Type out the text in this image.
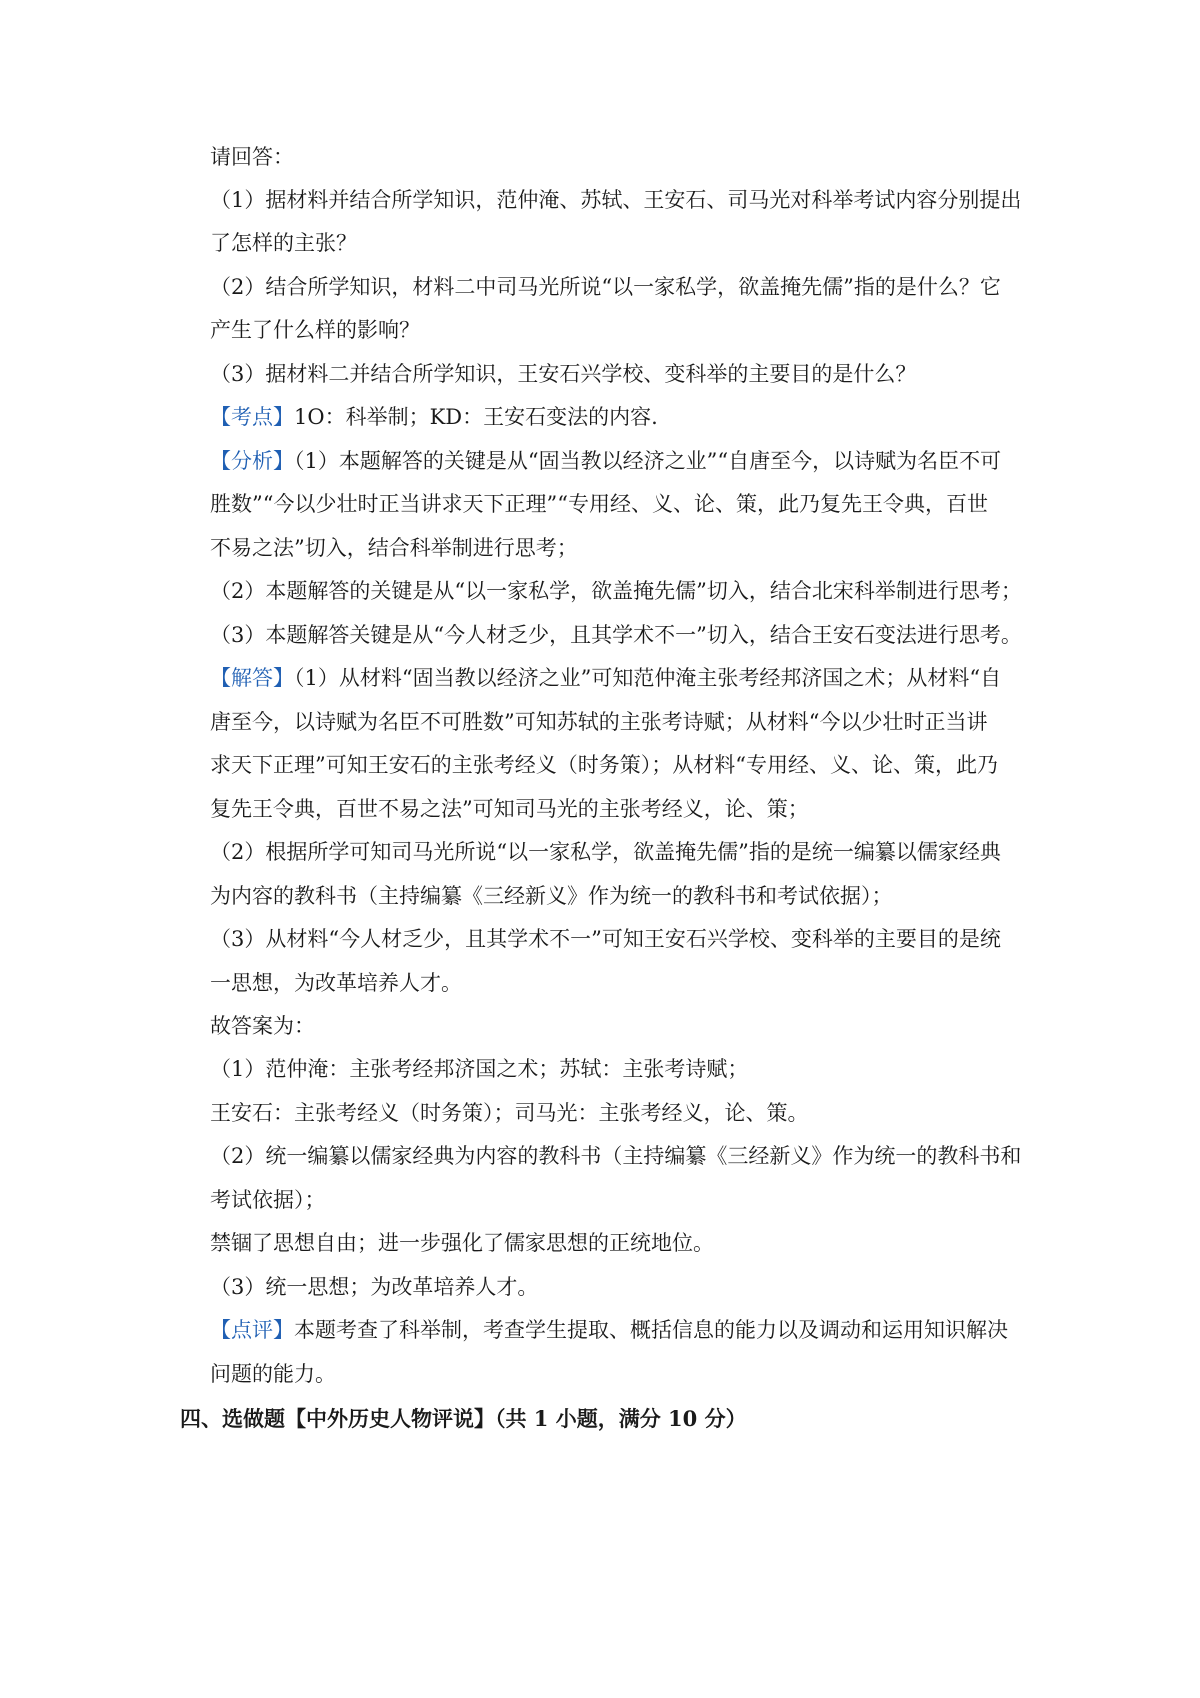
请回答：
（1）据材料并结合所学知识，范仲淹、苏轼、王安石、司马光对科举考试内容分别提出
了怎样的主张？
（2）结合所学知识，材料二中司马光所说“以一家私学，欲盖掩先儒”指的是什么？它
产生了什么样的影响？
（3）据材料二并结合所学知识，王安石兴学校、变科举的主要目的是什么？
【考点】1O：科举制；KD：王安石变法的内容.
【分析】（1）本题解答的关键是从“固当教以经济之业”“自唐至今，以诗赋为名臣不可
胜数”“今以少壮时正当讲求天下正理”“专用经、义、论、策，此乃复先王令典，百世
不易之法”切入，结合科举制进行思考；
（2）本题解答的关键是从“以一家私学，欲盖掩先儒”切入，结合北宋科举制进行思考；
（3）本题解答关键是从“今人材乏少，且其学术不一”切入，结合王安石变法进行思考。
【解答】（1）从材料“固当教以经济之业”可知范仲淹主张考经邦济国之术；从材料“自
唐至今，以诗赋为名臣不可胜数”可知苏轼的主张考诗赋；从材料“今以少壮时正当讲
求天下正理”可知王安石的主张考经义（时务策）；从材料“专用经、义、论、策，此乃
复先王令典，百世不易之法”可知司马光的主张考经义，论、策；
（2）根据所学可知司马光所说“以一家私学，欲盖掩先儒”指的是统一编纂以儒家经典
为内容的教科书（主持编纂《三经新义》作为统一的教科书和考试依据）；
（3）从材料“今人材乏少，且其学术不一”可知王安石兴学校、变科举的主要目的是统
一思想，为改革培养人才。
故答案为：
（1）范仲淹：主张考经邦济国之术；苏轼：主张考诗赋；
王安石：主张考经义（时务策）；司马光：主张考经义，论、策。
（2）统一编纂以儒家经典为内容的教科书（主持编纂《三经新义》作为统一的教科书和
考试依据）；
禁锢了思想自由；进一步强化了儒家思想的正统地位。
（3）统一思想；为改革培养人才。
【点评】本题考查了科举制，考查学生提取、概括信息的能力以及调动和运用知识解决
问题的能力。
四、选做题【中外历史人物评说】（共 1 小题，满分 10 分）
